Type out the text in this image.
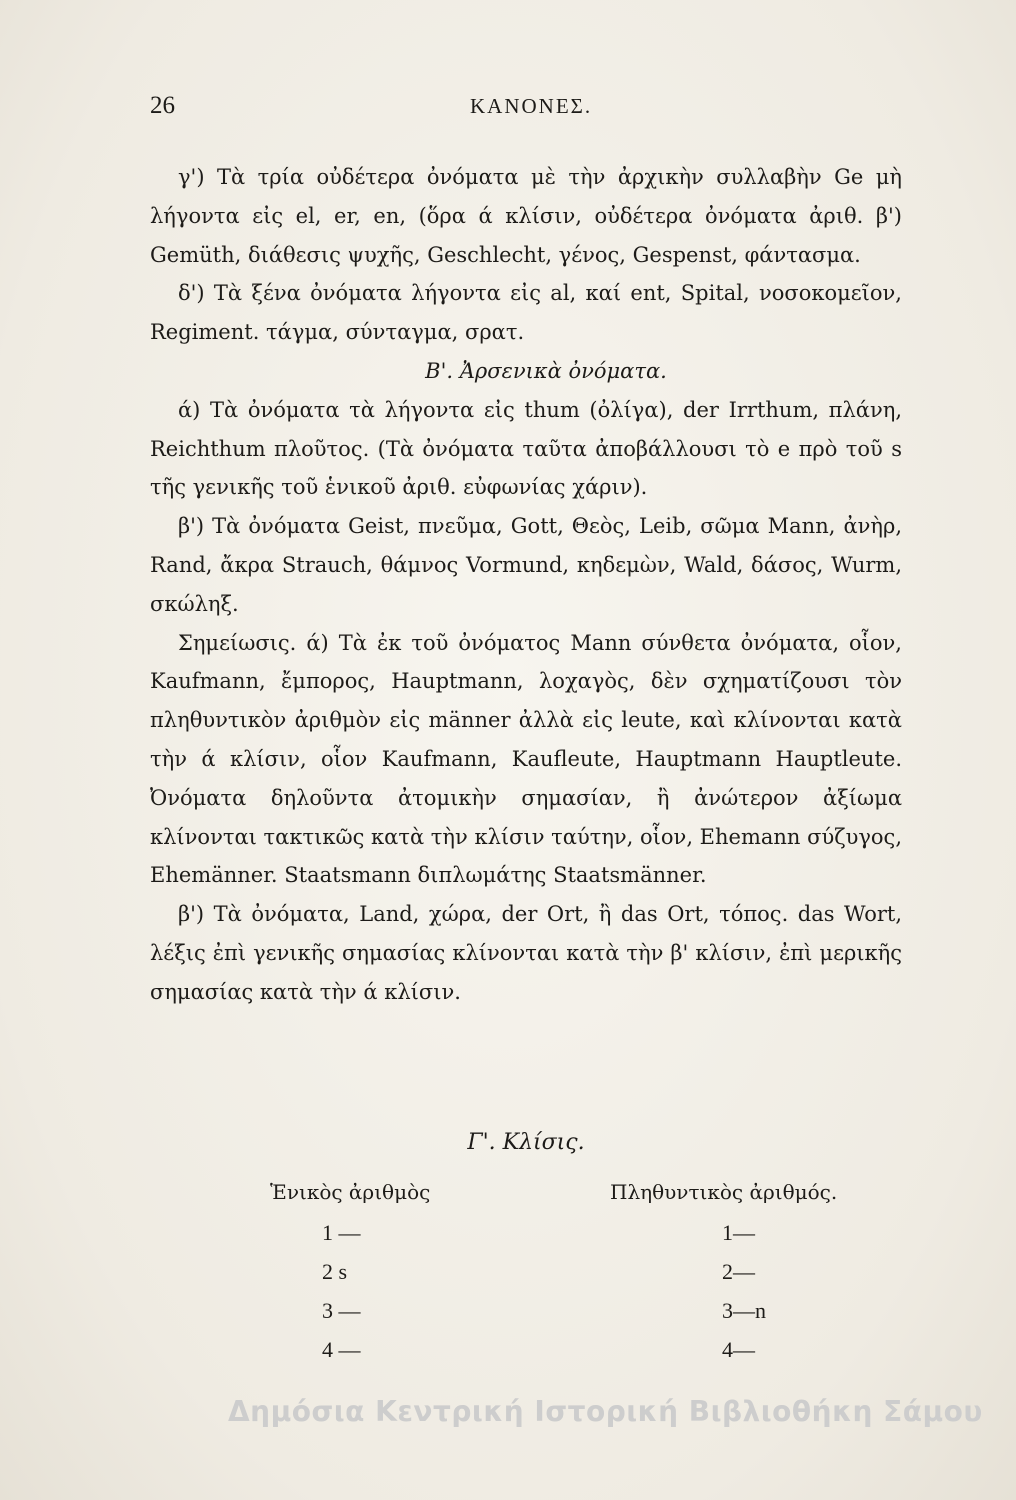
26	ΚΑΝΟΝΕΣ.

γ') Τὰ τρία οὐδέτερα ὀνόματα μὲ τὴν ἀρχικὴν συλλαβὴν Ge μὴ λήγοντα εἰς el, er, en, (ὅρα ά κλίσιν, οὐδέτερα ὀνόματα ἀριθ. β') Gemüth, διάθεσις ψυχῆς, Geschlecht, γένος, Gespenst, φάντασμα.

δ') Τὰ ξένα ὀνόματα λήγοντα εἰς al, καί ent, Spital, νοσοκομεῖον, Regiment. τάγμα, σύνταγμα, σρατ.

Β'. Ἀρσενικὰ ὀνόματα.

ά) Τὰ ὀνόματα τὰ λήγοντα εἰς thum (ὀλίγα), der Irrthum, πλάνη, Reichthum πλοῦτος. (Τὰ ὀνόματα ταῦτα ἀποβάλλουσι τὸ e πρὸ τοῦ s τῆς γενικῆς τοῦ ἑνικοῦ ἀριθ. εὐφωνίας χάριν).

β') Τὰ ὀνόματα Geist, πνεῦμα, Gott, Θεὸς, Leib, σῶμα Mann, ἀνὴρ, Rand, ἄκρα Strauch, θάμνος Vormund, κηδεμὼν, Wald, δάσος, Wurm, σκώληξ.

Σημείωσις. ά) Τὰ ἐκ τοῦ ὀνόματος Mann σύνθετα ὀνόματα, οἷον, Kaufmann, ἔμπορος, Hauptmann, λοχαγὸς, δὲν σχηματίζουσι τὸν πληθυντικὸν ἀριθμὸν εἰς männer ἀλλὰ εἰς leute, καὶ κλίνονται κατὰ τὴν ά κλίσιν, οἷον Kaufmann, Kaufleute, Hauptmann Hauptleute. Ὀνόματα δηλοῦντα ἀτομικὴν σημασίαν, ἢ ἀνώτερον ἀξίωμα κλίνονται τακτικῶς κατὰ τὴν κλίσιν ταύτην, οἷον, Ehemann σύζυγος, Ehemänner. Staatsmann διπλωμάτης Staatsmänner.

β') Τὰ ὀνόματα, Land, χώρα, der Ort, ἢ das Ort, τόπος. das Wort, λέξις ἐπὶ γενικῆς σημασίας κλίνονται κατὰ τὴν β' κλίσιν, ἐπὶ μερικῆς σημασίας κατὰ τὴν ά κλίσιν.

Γ'. Κλίσις.
Ἑνικὸς ἀριθμὸς
1 —
2 s
3 —
4 —
Πληθυντικὸς ἀριθμός.
1—
2—
3—n
4—
Δημόσια Κεντρική Ιστορική Βιβλιοθήκη Σάμου
